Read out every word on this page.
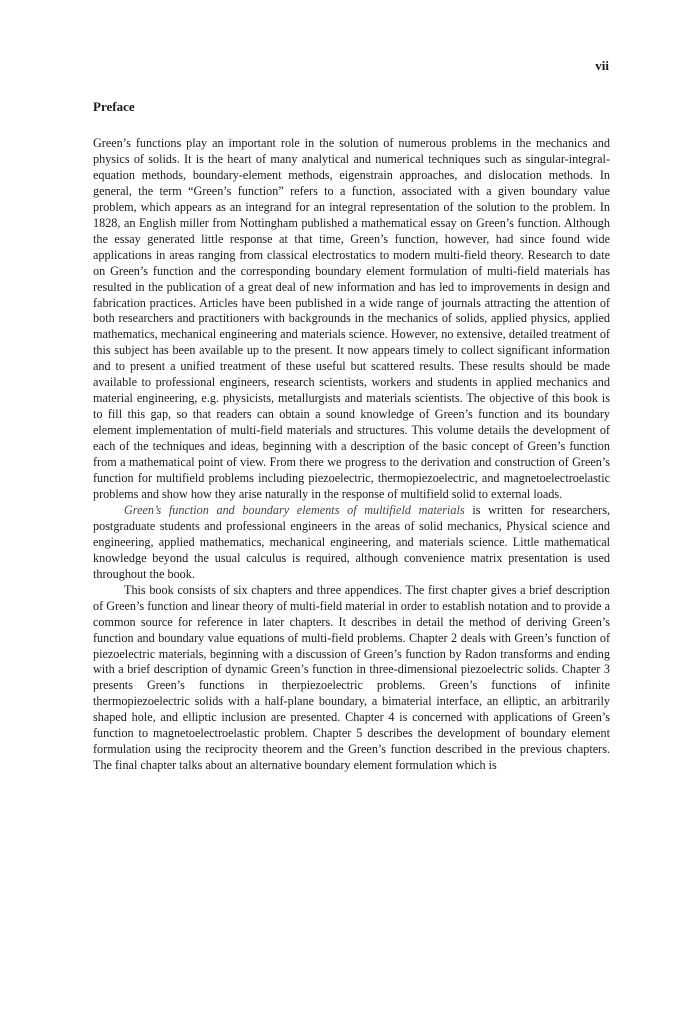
vii
Preface

Green’s functions play an important role in the solution of numerous problems in the mechanics and physics of solids. It is the heart of many analytical and numerical techniques such as singular-integral-equation methods, boundary-element methods, eigenstrain approaches, and dislocation methods. In general, the term “Green’s function” refers to a function, associated with a given boundary value problem, which appears as an integrand for an integral representation of the solution to the problem. In 1828, an English miller from Nottingham published a mathematical essay on Green’s function. Although the essay generated little response at that time, Green’s function, however, had since found wide applications in areas ranging from classical electrostatics to modern multi-field theory. Research to date on Green’s function and the corresponding boundary element formulation of multi-field materials has resulted in the publication of a great deal of new information and has led to improvements in design and fabrication practices. Articles have been published in a wide range of journals attracting the attention of both researchers and practitioners with backgrounds in the mechanics of solids, applied physics, applied mathematics, mechanical engineering and materials science. However, no extensive, detailed treatment of this subject has been available up to the present. It now appears timely to collect significant information and to present a unified treatment of these useful but scattered results. These results should be made available to professional engineers, research scientists, workers and students in applied mechanics and material engineering, e.g. physicists, metallurgists and materials scientists. The objective of this book is to fill this gap, so that readers can obtain a sound knowledge of Green’s function and its boundary element implementation of multi-field materials and structures. This volume details the development of each of the techniques and ideas, beginning with a description of the basic concept of Green’s function from a mathematical point of view. From there we progress to the derivation and construction of Green’s function for multifield problems including piezoelectric, thermopiezoelectric, and magnetoelectroelastic problems and show how they arise naturally in the response of multifield solid to external loads.

Green’s function and boundary elements of multifield materials is written for researchers, postgraduate students and professional engineers in the areas of solid mechanics, Physical science and engineering, applied mathematics, mechanical engineering, and materials science. Little mathematical knowledge beyond the usual calculus is required, although convenience matrix presentation is used throughout the book.

This book consists of six chapters and three appendices. The first chapter gives a brief description of Green’s function and linear theory of multi-field material in order to establish notation and to provide a common source for reference in later chapters. It describes in detail the method of deriving Green’s function and boundary value equations of multi-field problems. Chapter 2 deals with Green’s function of piezoelectric materials, beginning with a discussion of Green’s function by Radon transforms and ending with a brief description of dynamic Green’s function in three-dimensional piezoelectric solids. Chapter 3 presents Green’s functions in therpiezoelectric problems. Green’s functions of infinite thermopiezoelectric solids with a half-plane boundary, a bimaterial interface, an elliptic, an arbitrarily shaped hole, and elliptic inclusion are presented. Chapter 4 is concerned with applications of Green’s function to magnetoelectroelastic problem. Chapter 5 describes the development of boundary element formulation using the reciprocity theorem and the Green’s function described in the previous chapters. The final chapter talks about an alternative boundary element formulation which is
